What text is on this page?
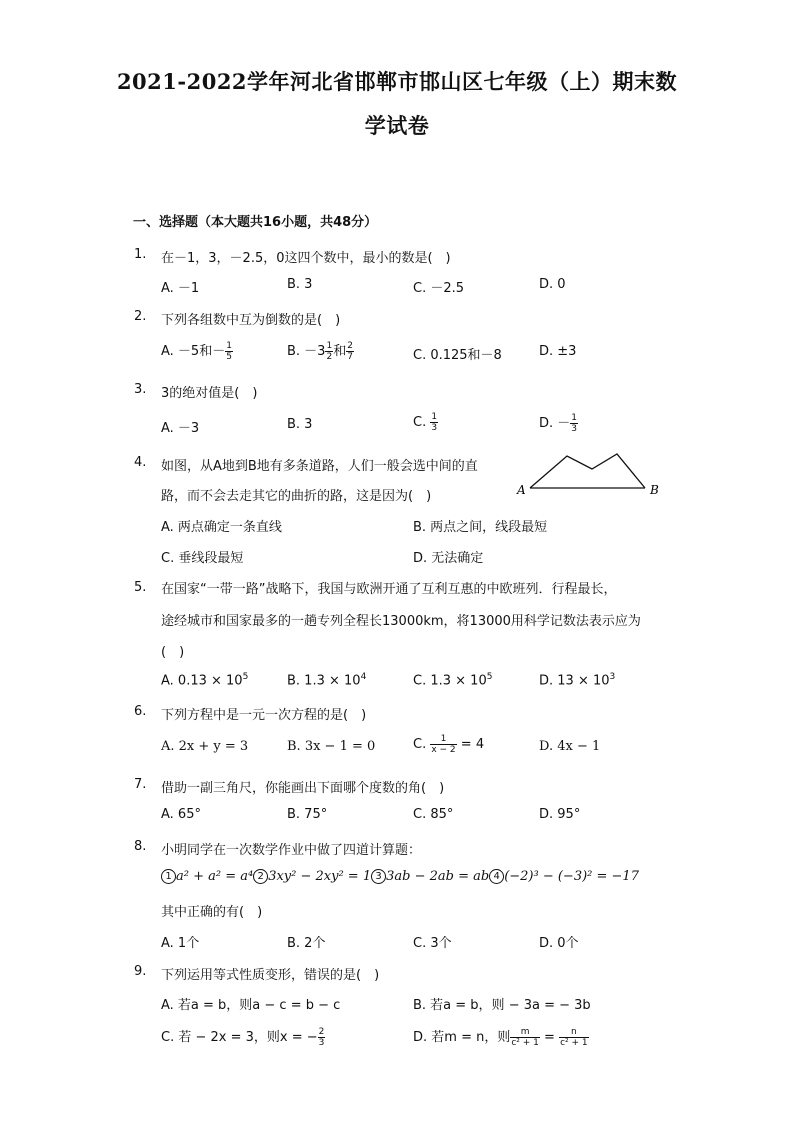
2021-2022学年河北省邯郸市邯山区七年级（上）期末数
学试卷
一、选择题（本大题共16小题，共48分）
1. 在－1，3，－2.5，0这四个数中，最小的数是(　)
A. －1	B. 3	C. －2.5	D. 0
2. 下列各组数中互为倒数的是(　)
A. －5和－ $\frac{1}{5}$	B. $-3 \frac{1}{2}$ 和 $\frac{2}{7}$	C. 0.125和－8	D. ±3
3. 3的绝对值是(　)
A. －3	B. 3	C. $\frac{1}{3}$	D. － $\frac{1}{3}$
4. 如图，从A地到B地有多条道路，人们一般会选中间的直
路，而不会去走其它的曲折的路，这是因为(　)	A	B
A. 两点确定一条直线	B. 两点之间，线段最短
C. 垂线段最短	D. 无法确定
5. 在国家“一带一路”战略下，我国与欧洲开通了互利互惠的中欧班列．行程最长，
途经城市和国家最多的一趟专列全程长13000km，将13000用科学记数法表示应为
(　)
A. $0.13 \times 10^5$	B. $1.3 \times 10^4$	C. $1.3 \times 10^5$	D. $13 \times 10^3$
6. 下列方程中是一元一次方程的是(　)
A. 2x + y = 3	B. 3x − 1 = 0	C. $\frac{1}{x - 2} = 4$	D. 4x − 1
7. 借助一副三角尺，你能画出下面哪个度数的角(　)
A. 65°	B. 75°	C. 85°	D. 95°
8. 小明同学在一次数学作业中做了四道计算题：
1 a² + a² = a⁴ 2 3xy² − 2xy² = 1 3 3ab − 2ab = ab 4 (−2)³ − (−3)² = −17
其中正确的有(　)
A. 1个	B. 2个	C. 3个	D. 0个
9. 下列运用等式性质变形，错误的是(　)
A. 若a = b，则a − c = b − c	B. 若a = b，则 − 3a = − 3b
C. 若 − 2x = 3，则x = − $\frac{2}{3}$	D. 若m = n，则 $\frac{m}{\text{c² + 1}} = \frac{n}{\text{c² + 1}}$
